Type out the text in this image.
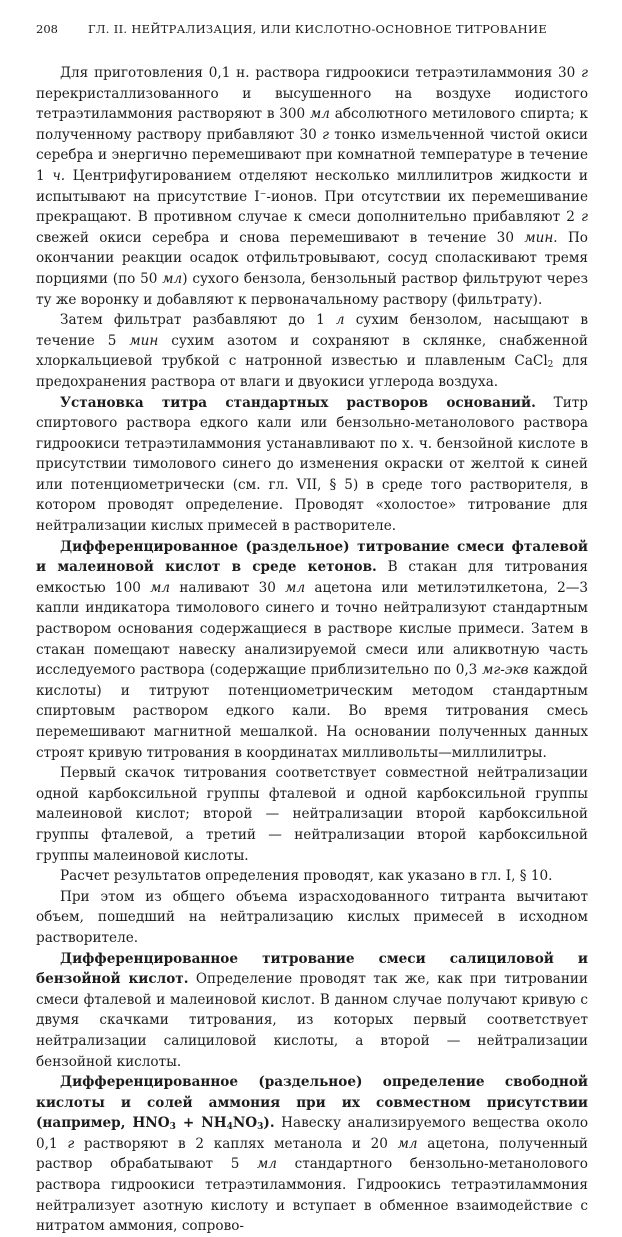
208	ГЛ. II. НЕЙТРАЛИЗАЦИЯ, ИЛИ КИСЛОТНО-ОСНОВНОЕ ТИТРОВАНИЕ

Для приготовления 0,1 н. раствора гидроокиси тетраэтиламмония 30 г перекристаллизованного и высушенного на воздухе иодистого тетраэтиламмония растворяют в 300 мл абсолютного метилового спирта; к полученному раствору прибавляют 30 г тонко измельченной чистой окиси серебра и энергично перемешивают при комнатной температуре в течение 1 ч. Центрифугированием отделяют несколько миллилитров жидкости и испытывают на присутствие I−-ионов. При отсутствии их перемешивание прекращают. В противном случае к смеси дополнительно прибавляют 2 г свежей окиси серебра и снова перемешивают в течение 30 мин. По окончании реакции осадок отфильтровывают, сосуд споласкивают тремя порциями (по 50 мл) сухого бензола, бензольный раствор фильтруют через ту же воронку и добавляют к первоначальному раствору (фильтрату).

Затем фильтрат разбавляют до 1 л сухим бензолом, насыщают в течение 5 мин сухим азотом и сохраняют в склянке, снабженной хлоркальциевой трубкой с натронной известью и плавленым CaCl$_2$ для предохранения раствора от влаги и двуокиси углерода воздуха.

Установка титра стандартных растворов оснований. Титр спиртового раствора едкого кали или бензольно-метанолового раствора гидроокиси тетраэтиламмония устанавливают по х. ч. бензойной кислоте в присутствии тимолового синего до изменения окраски от желтой к синей или потенциометрически (см. гл. VII, § 5) в среде того растворителя, в котором проводят определение. Проводят «холостое» титрование для нейтрализации кислых примесей в растворителе.

Дифференцированное (раздельное) титрование смеси фталевой и малеиновой кислот в среде кетонов. В стакан для титрования емкостью 100 мл наливают 30 мл ацетона или метилэтилкетона, 2—3 капли индикатора тимолового синего и точно нейтрализуют стандартным раствором основания содержащиеся в растворе кислые примеси. Затем в стакан помещают навеску анализируемой смеси или аликвотную часть исследуемого раствора (содержащие приблизительно по 0,3 мг-экв каждой кислоты) и титруют потенциометрическим методом стандартным спиртовым раствором едкого кали. Во время титрования смесь перемешивают магнитной мешалкой. На основании полученных данных строят кривую титрования в координатах милливольты—миллилитры.

Первый скачок титрования соответствует совместной нейтрализации одной карбоксильной группы фталевой и одной карбоксильной группы малеиновой кислот; второй — нейтрализации второй карбоксильной группы фталевой, а третий — нейтрализации второй карбоксильной группы малеиновой кислоты.

Расчет результатов определения проводят, как указано в гл. I, § 10.

При этом из общего объема израсходованного титранта вычитают объем, пошедший на нейтрализацию кислых примесей в исходном растворителе.

Дифференцированное титрование смеси салициловой и бензойной кислот. Определение проводят так же, как при титровании смеси фталевой и малеиновой кислот. В данном случае получают кривую с двумя скачками титрования, из которых первый соответствует нейтрализации салициловой кислоты, а второй — нейтрализации бензойной кислоты.

Дифференцированное (раздельное) определение свободной кислоты и солей аммония при их совместном присутствии (например, $HNO_3 + NH_4NO_3$). Навеску анализируемого вещества около 0,1 г растворяют в 2 каплях метанола и 20 мл ацетона, полученный раствор обрабатывают 5 мл стандартного бензольно-метанолового раствора гидроокиси тетраэтиламмония. Гидроокись тетраэтиламмония нейтрализует азотную кислоту и вступает в обменное взаимодействие с нитратом аммония, сопрово-
